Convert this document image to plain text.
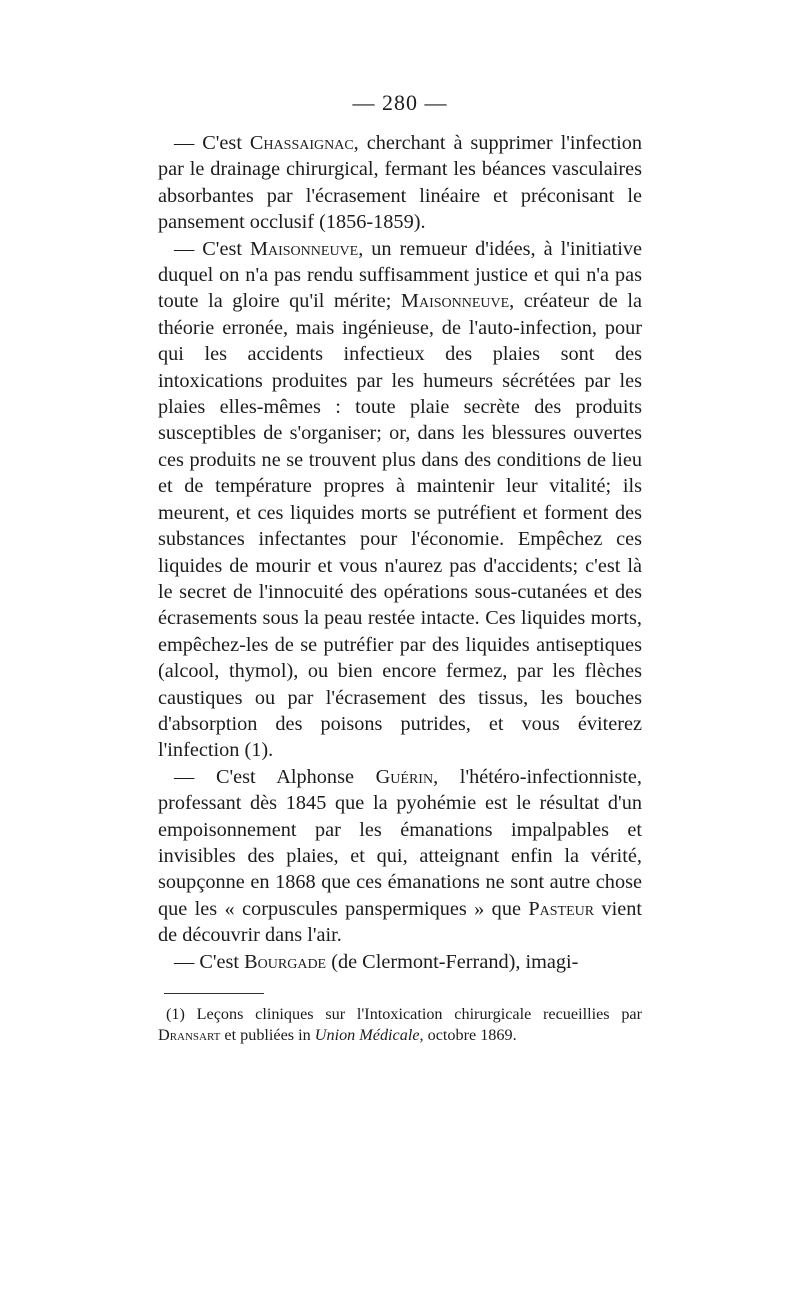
— 280 —

— C'est Chassaignac, cherchant à supprimer l'infection par le drainage chirurgical, fermant les béances vasculaires absorbantes par l'écrasement linéaire et préconisant le pansement occlusif (1856-1859).

— C'est Maisonneuve, un remueur d'idées, à l'initiative duquel on n'a pas rendu suffisamment justice et qui n'a pas toute la gloire qu'il mérite; Maisonneuve, créateur de la théorie erronée, mais ingénieuse, de l'auto-infection, pour qui les accidents infectieux des plaies sont des intoxications produites par les humeurs sécrétées par les plaies elles-mêmes : toute plaie secrète des produits susceptibles de s'organiser; or, dans les blessures ouvertes ces produits ne se trouvent plus dans des conditions de lieu et de température propres à maintenir leur vitalité; ils meurent, et ces liquides morts se putréfient et forment des substances infectantes pour l'économie. Empêchez ces liquides de mourir et vous n'aurez pas d'accidents; c'est là le secret de l'innocuité des opérations sous-cutanées et des écrasements sous la peau restée intacte. Ces liquides morts, empêchez-les de se putréfier par des liquides antiseptiques (alcool, thymol), ou bien encore fermez, par les flèches caustiques ou par l'écrasement des tissus, les bouches d'absorption des poisons putrides, et vous éviterez l'infection (1).

— C'est Alphonse Guérin, l'hétéro-infectionniste, professant dès 1845 que la pyohémie est le résultat d'un empoisonnement par les émanations impalpables et invisibles des plaies, et qui, atteignant enfin la vérité, soupçonne en 1868 que ces émanations ne sont autre chose que les « corpuscules panspermiques » que Pasteur vient de découvrir dans l'air.

— C'est Bourgade (de Clermont-Ferrand), imagi-

(1) Leçons cliniques sur l'Intoxication chirurgicale recueillies par Dransart et publiées in Union Médicale, octobre 1869.
